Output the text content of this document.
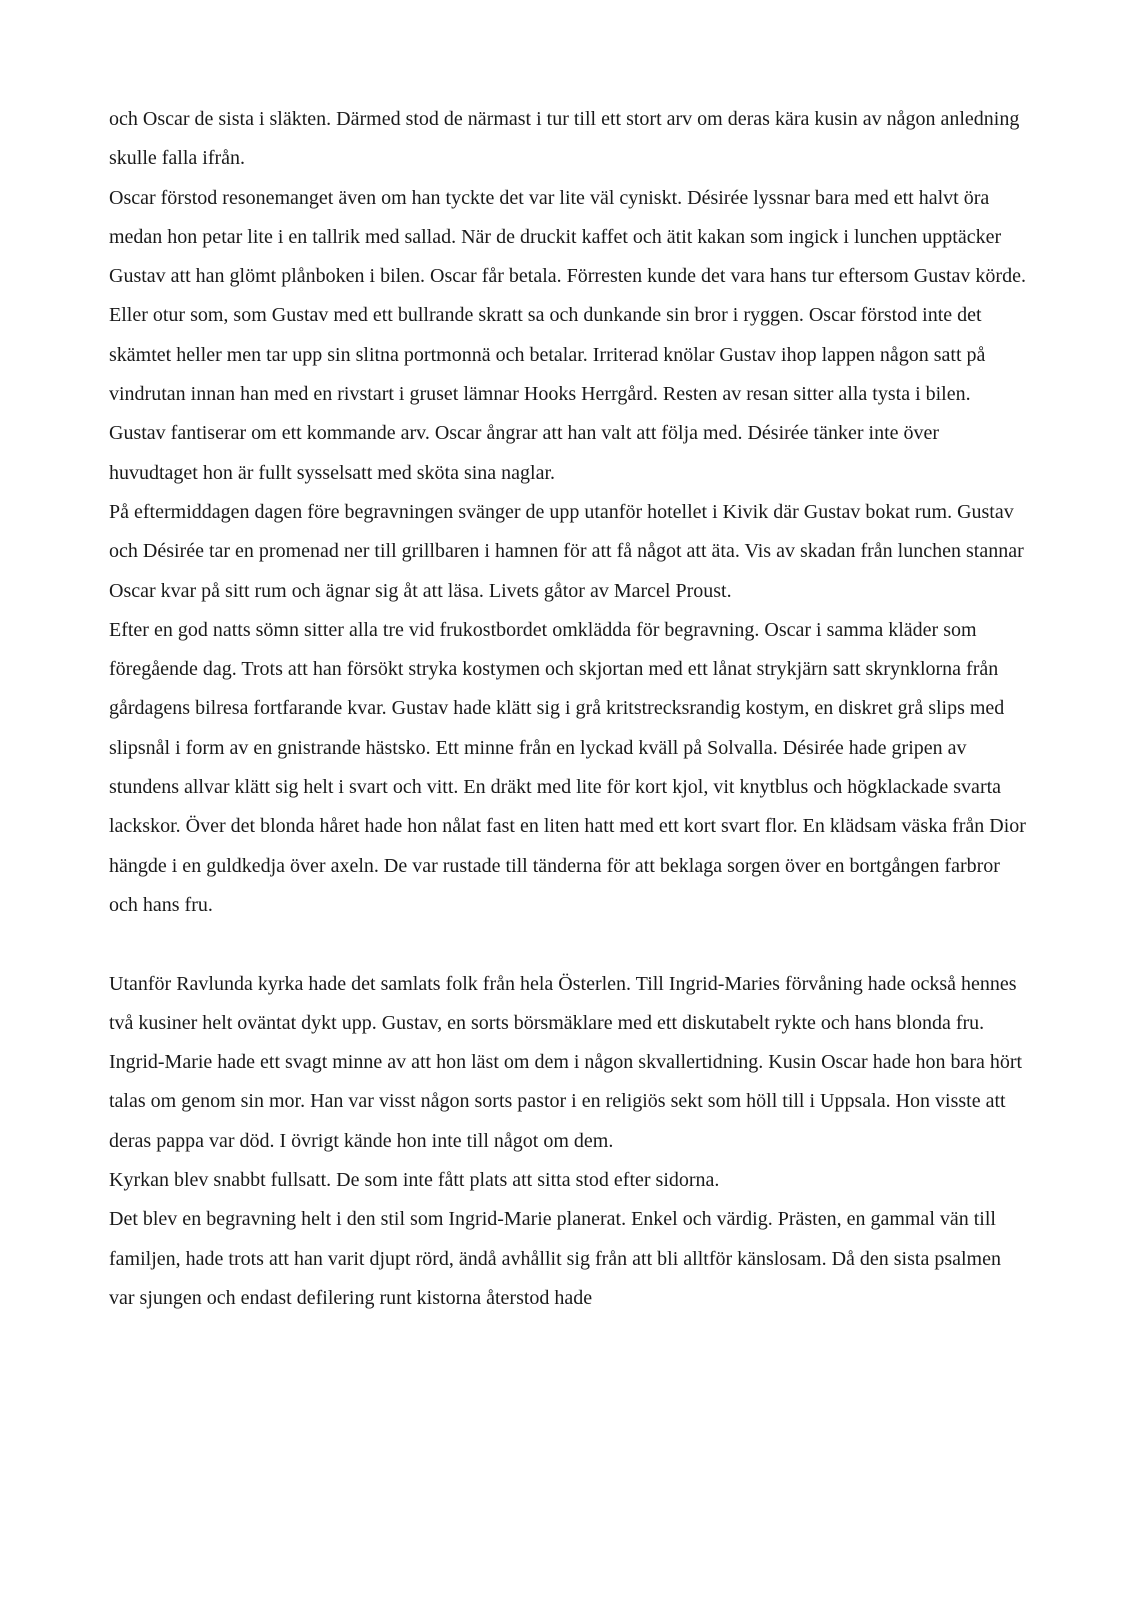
och Oscar de sista i släkten. Därmed stod de närmast i tur till ett stort arv om deras kära kusin av någon anledning skulle falla ifrån.

Oscar förstod resonemanget även om han tyckte det var lite väl cyniskt. Désirée lyssnar bara med ett halvt öra medan hon petar lite i en tallrik med sallad. När de druckit kaffet och ätit kakan som ingick i lunchen upptäcker Gustav att han glömt plånboken i bilen. Oscar får betala. Förresten kunde det vara hans tur eftersom Gustav körde. Eller otur som, som Gustav med ett bullrande skratt sa och dunkande sin bror i ryggen. Oscar förstod inte det skämtet heller men tar upp sin slitna portmonnä och betalar. Irriterad knölar Gustav ihop lappen någon satt på vindrutan innan han med en rivstart i gruset lämnar Hooks Herrgård. Resten av resan sitter alla tysta i bilen. Gustav fantiserar om ett kommande arv. Oscar ångrar att han valt att följa med. Désirée tänker inte över huvudtaget hon är fullt sysselsatt med sköta sina naglar.

På eftermiddagen dagen före begravningen svänger de upp utanför hotellet i Kivik där Gustav bokat rum. Gustav och Désirée tar en promenad ner till grillbaren i hamnen för att få något att äta. Vis av skadan från lunchen stannar Oscar kvar på sitt rum och ägnar sig åt att läsa. Livets gåtor av Marcel Proust.

Efter en god natts sömn sitter alla tre vid frukostbordet omklädda för begravning. Oscar i samma kläder som föregående dag. Trots att han försökt stryka kostymen och skjortan med ett lånat strykjärn satt skrynklorna från gårdagens bilresa fortfarande kvar. Gustav hade klätt sig i grå kritstrecksrandig kostym, en diskret grå slips med slipsnål i form av en gnistrande hästsko. Ett minne från en lyckad kväll på Solvalla. Désirée hade gripen av stundens allvar klätt sig helt i svart och vitt. En dräkt med lite för kort kjol, vit knytblus och högklackade svarta lackskor. Över det blonda håret hade hon nålat fast en liten hatt med ett kort svart flor. En klädsam väska från Dior hängde i en guldkedja över axeln. De var rustade till tänderna för att beklaga sorgen över en bortgången farbror och hans fru.

Utanför Ravlunda kyrka hade det samlats folk från hela Österlen. Till Ingrid-Maries förvåning hade också hennes två kusiner helt oväntat dykt upp. Gustav, en sorts börsmäklare med ett diskutabelt rykte och hans blonda fru. Ingrid-Marie hade ett svagt minne av att hon läst om dem i någon skvallertidning. Kusin Oscar hade hon bara hört talas om genom sin mor. Han var visst någon sorts pastor i en religiös sekt som höll till i Uppsala. Hon visste att deras pappa var död. I övrigt kände hon inte till något om dem.

Kyrkan blev snabbt fullsatt. De som inte fått plats att sitta stod efter sidorna.

Det blev en begravning helt i den stil som Ingrid-Marie planerat. Enkel och värdig. Prästen, en gammal vän till familjen, hade trots att han varit djupt rörd, ändå avhållit sig från att bli alltför känslosam. Då den sista psalmen var sjungen och endast defilering runt kistorna återstod hade
